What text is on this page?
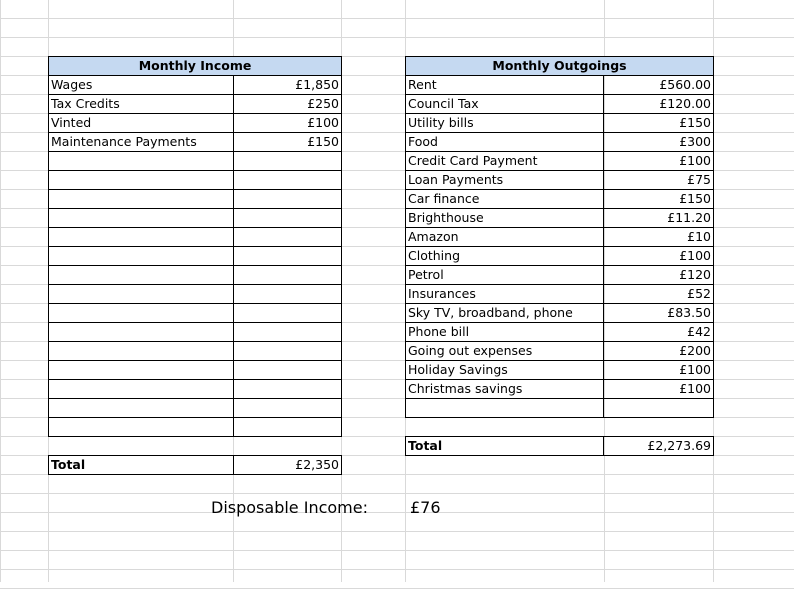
Monthly Income	
Wages	£1,850
Tax Credits	£250
Vinted	£100
Maintenance Payments	£150

Total	£2,350
Monthly Outgoings	
Rent	£560.00
Council Tax	£120.00
Utility bills	£150
Food	£300
Credit Card Payment	£100
Loan Payments	£75
Car finance	£150
Brighthouse	£11.20
Amazon	£10
Clothing	£100
Petrol	£120
Insurances	£52
Sky TV, broadband, phone	£83.50
Phone bill	£42
Going out expenses	£200
Holiday Savings	£100
Christmas savings	£100

Total	£2,273.69
Disposable Income:	£76
